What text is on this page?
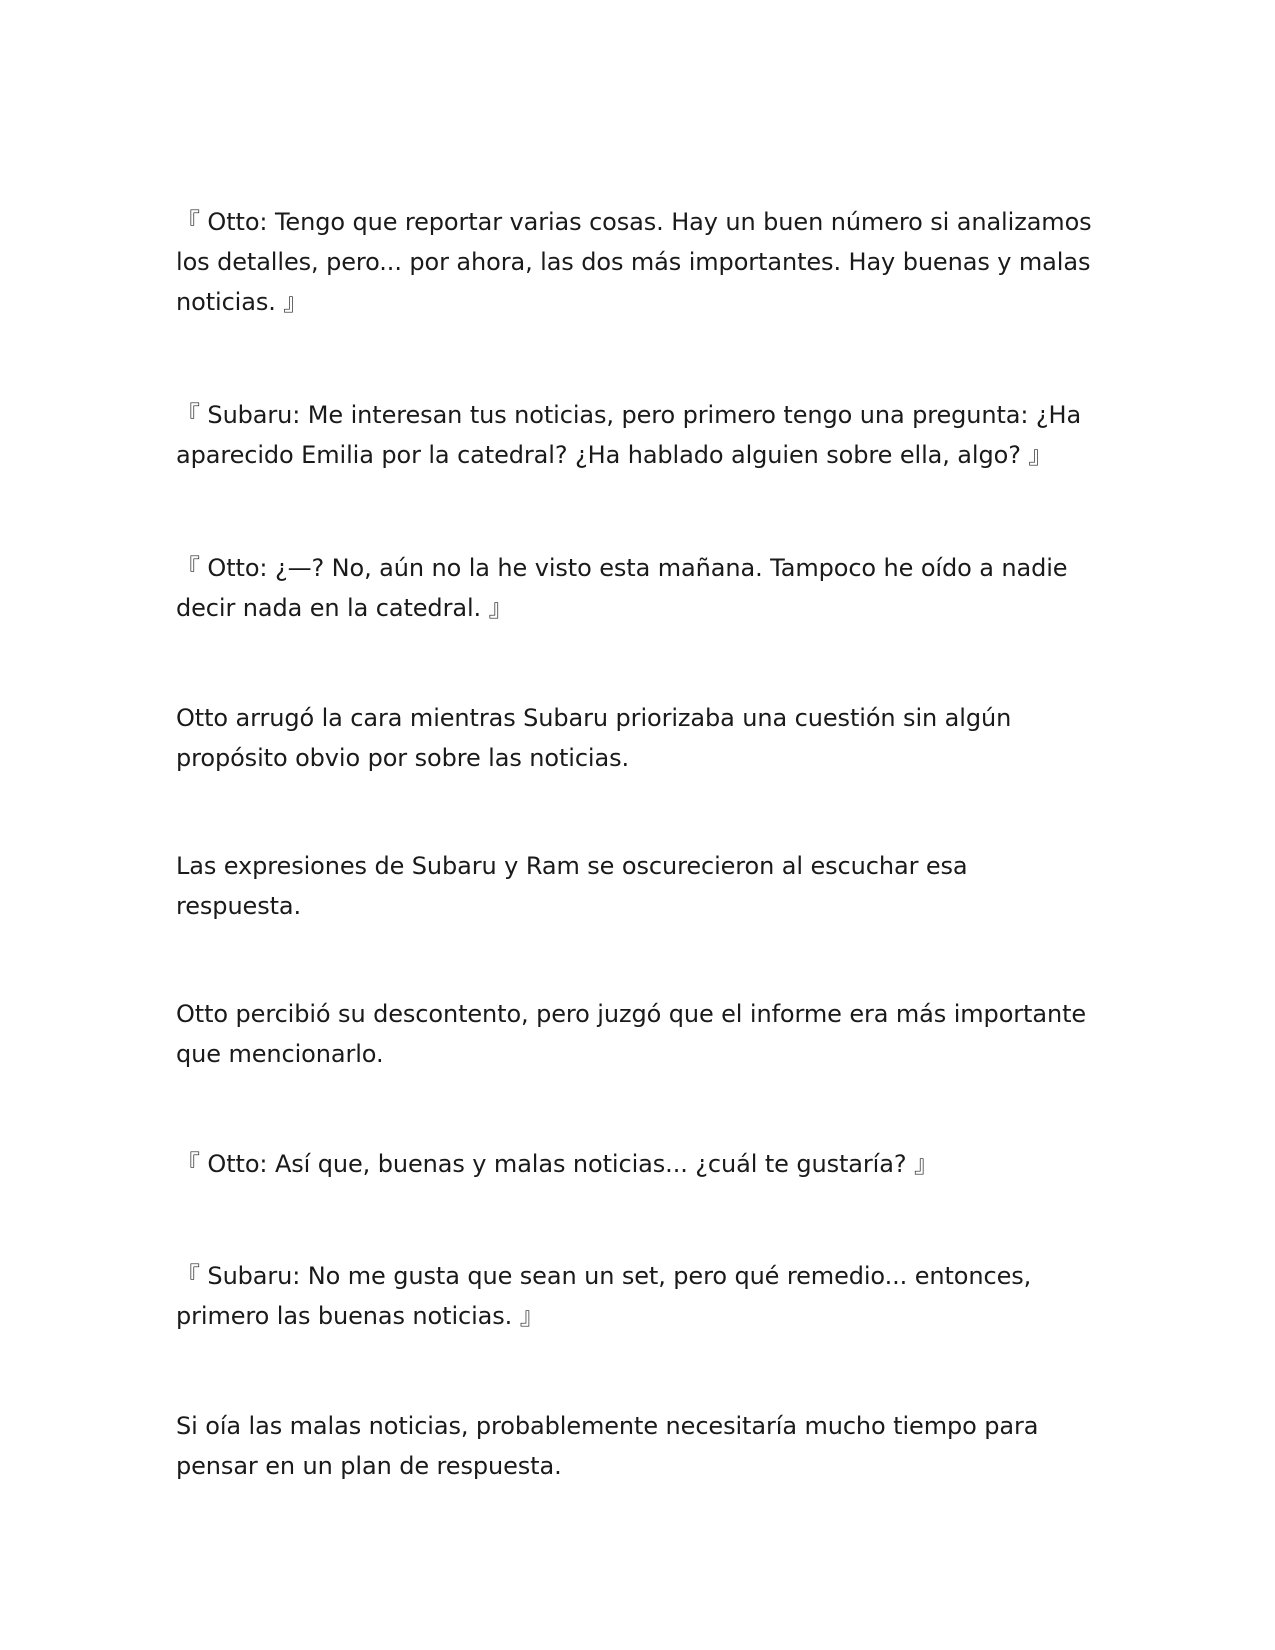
『 Otto: Tengo que reportar varias cosas. Hay un buen número si analizamos los detalles, pero... por ahora, las dos más importantes. Hay buenas y malas noticias. 』

『 Subaru: Me interesan tus noticias, pero primero tengo una pregunta: ¿Ha aparecido Emilia por la catedral? ¿Ha hablado alguien sobre ella, algo? 』

『 Otto: ¿—? No, aún no la he visto esta mañana. Tampoco he oído a nadie decir nada en la catedral. 』

Otto arrugó la cara mientras Subaru priorizaba una cuestión sin algún propósito obvio por sobre las noticias.

Las expresiones de Subaru y Ram se oscurecieron al escuchar esa respuesta.

Otto percibió su descontento, pero juzgó que el informe era más importante que mencionarlo.

『 Otto: Así que, buenas y malas noticias... ¿cuál te gustaría? 』

『 Subaru: No me gusta que sean un set, pero qué remedio... entonces, primero las buenas noticias. 』

Si oía las malas noticias, probablemente necesitaría mucho tiempo para pensar en un plan de respuesta.
